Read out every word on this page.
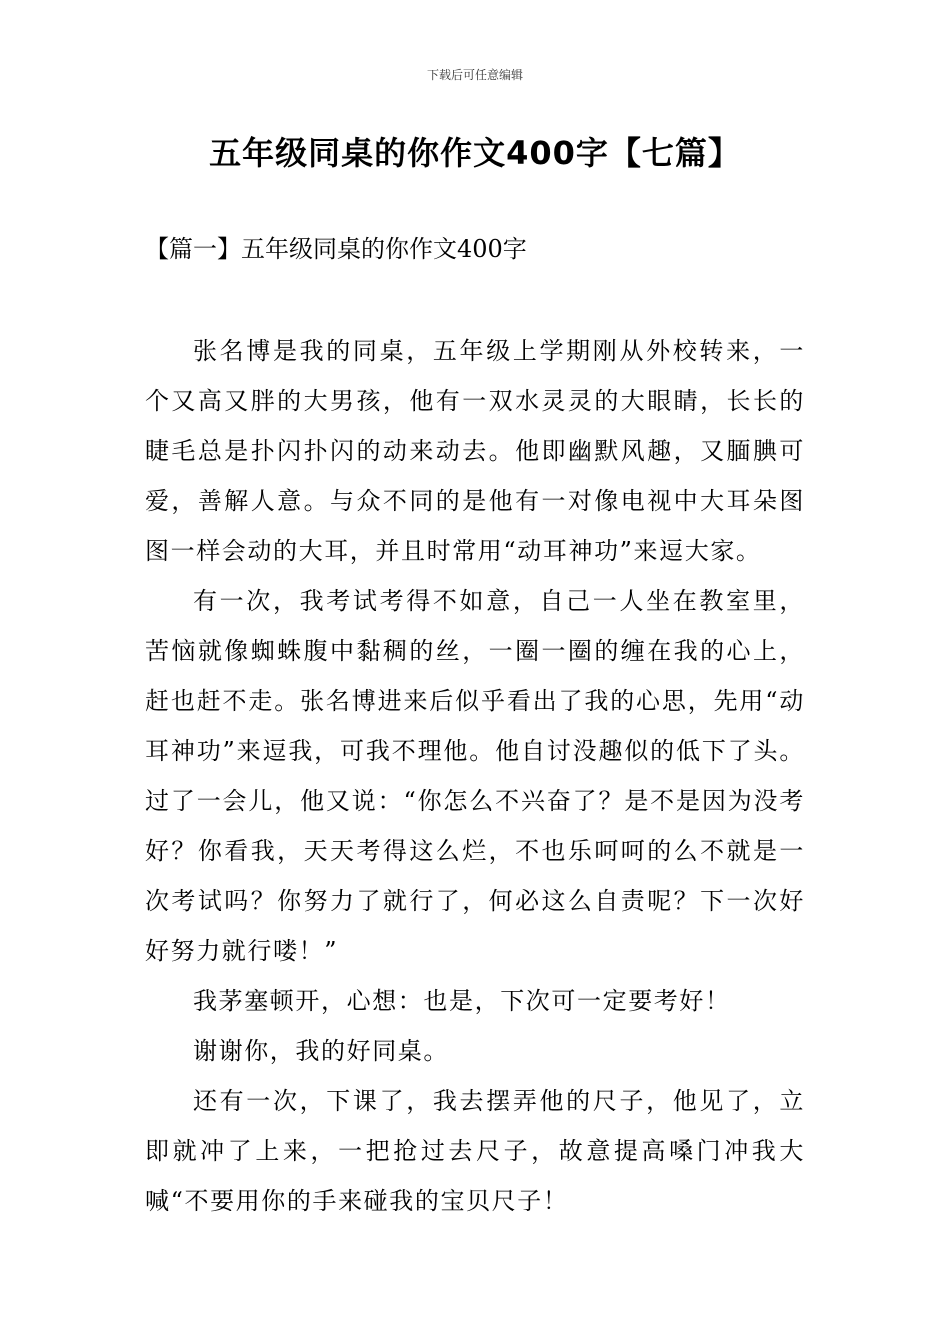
下载后可任意编辑
五年级同桌的你作文400字【七篇】
【篇一】五年级同桌的你作文400字

张名博是我的同桌，五年级上学期刚从外校转来，一个又高又胖的大男孩，他有一双水灵灵的大眼睛，长长的睫毛总是扑闪扑闪的动来动去。他即幽默风趣，又腼腆可爱，善解人意。与众不同的是他有一对像电视中大耳朵图图一样会动的大耳，并且时常用“动耳神功”来逗大家。

有一次，我考试考得不如意，自己一人坐在教室里，苦恼就像蜘蛛腹中黏稠的丝，一圈一圈的缠在我的心上，赶也赶不走。张名博进来后似乎看出了我的心思，先用“动耳神功”来逗我，可我不理他。他自讨没趣似的低下了头。过了一会儿，他又说：“你怎么不兴奋了？是不是因为没考好？你看我，天天考得这么烂，不也乐呵呵的么不就是一次考试吗？你努力了就行了，何必这么自责呢？下一次好好努力就行喽！”

我茅塞顿开，心想：也是，下次可一定要考好！

谢谢你，我的好同桌。

还有一次，下课了，我去摆弄他的尺子，他见了，立即就冲了上来，一把抢过去尺子，故意提高嗓门冲我大喊“不要用你的手来碰我的宝贝尺子！
